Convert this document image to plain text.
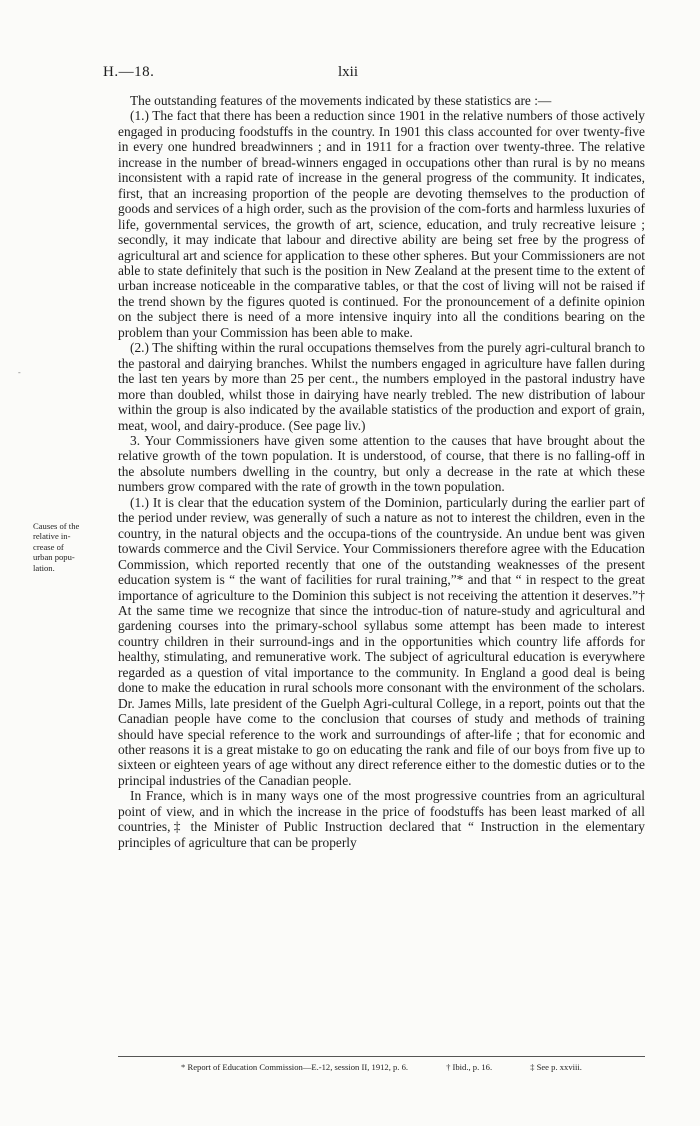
H.—18.	lxii
-
Causes of the
relative in-
crease of
urban popu-
lation.

The outstanding features of the movements indicated by these statistics are :—

(1.) The fact that there has been a reduction since 1901 in the relative numbers of those actively engaged in producing foodstuffs in the country. In 1901 this class accounted for over twenty-five in every one hundred breadwinners ; and in 1911 for a fraction over twenty-three. The relative increase in the number of bread-winners engaged in occupations other than rural is by no means inconsistent with a rapid rate of increase in the general progress of the community. It indicates, first, that an increasing proportion of the people are devoting themselves to the production of goods and services of a high order, such as the provision of the com-forts and harmless luxuries of life, governmental services, the growth of art, science, education, and truly recreative leisure ; secondly, it may indicate that labour and directive ability are being set free by the progress of agricultural art and science for application to these other spheres. But your Commissioners are not able to state definitely that such is the position in New Zealand at the present time to the extent of urban increase noticeable in the comparative tables, or that the cost of living will not be raised if the trend shown by the figures quoted is continued. For the pronouncement of a definite opinion on the subject there is need of a more intensive inquiry into all the conditions bearing on the problem than your Commission has been able to make.

(2.) The shifting within the rural occupations themselves from the purely agri-cultural branch to the pastoral and dairying branches. Whilst the numbers engaged in agriculture have fallen during the last ten years by more than 25 per cent., the numbers employed in the pastoral industry have more than doubled, whilst those in dairying have nearly trebled. The new distribution of labour within the group is also indicated by the available statistics of the production and export of grain, meat, wool, and dairy-produce. (See page liv.)

3. Your Commissioners have given some attention to the causes that have brought about the relative growth of the town population. It is understood, of course, that there is no falling-off in the absolute numbers dwelling in the country, but only a decrease in the rate at which these numbers grow compared with the rate of growth in the town population.

(1.) It is clear that the education system of the Dominion, particularly during the earlier part of the period under review, was generally of such a nature as not to interest the children, even in the country, in the natural objects and the occupa-tions of the countryside. An undue bent was given towards commerce and the Civil Service. Your Commissioners therefore agree with the Education Commission, which reported recently that one of the outstanding weaknesses of the present education system is “ the want of facilities for rural training,”* and that “ in respect to the great importance of agriculture to the Dominion this subject is not receiving the attention it deserves.”† At the same time we recognize that since the introduc-tion of nature-study and agricultural and gardening courses into the primary-school syllabus some attempt has been made to interest country children in their surround-ings and in the opportunities which country life affords for healthy, stimulating, and remunerative work. The subject of agricultural education is everywhere regarded as a question of vital importance to the community. In England a good deal is being done to make the education in rural schools more consonant with the environment of the scholars. Dr. James Mills, late president of the Guelph Agri-cultural College, in a report, points out that the Canadian people have come to the conclusion that courses of study and methods of training should have special reference to the work and surroundings of after-life ; that for economic and other reasons it is a great mistake to go on educating the rank and file of our boys from five up to sixteen or eighteen years of age without any direct reference either to the domestic duties or to the principal industries of the Canadian people.

In France, which is in many ways one of the most progressive countries from an agricultural point of view, and in which the increase in the price of foodstuffs has been least marked of all countries,‡ the Minister of Public Instruction declared that “ Instruction in the elementary principles of agriculture that can be properly

* Report of Education Commission—E.-12, session II, 1912, p. 6.	† Ibid., p. 16.	‡ See p. xxviii.
